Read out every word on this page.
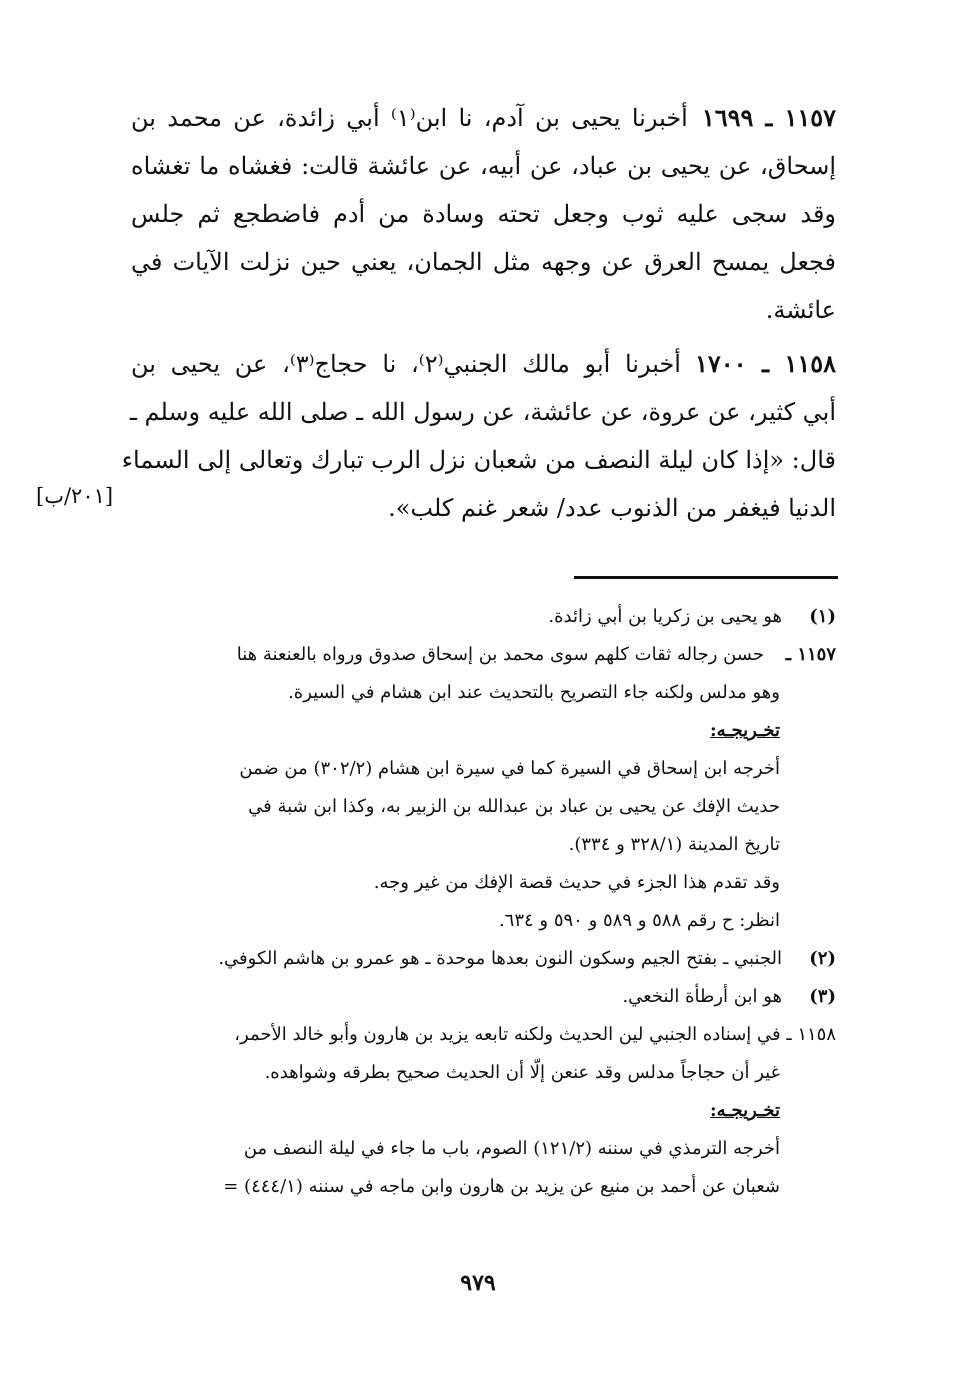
١١٥٧ ـ ١٦٩٩أخبرنا يحيى بن آدم، نا ابن⁽١⁾ أبي زائدة، عن محمد بن
إسحاق، عن يحيى بن عباد، عن أبيه، عن عائشة قالت: فغشاه ما تغشاه
وقد سجى عليه ثوب وجعل تحته وسادة من أدم فاضطجع ثم جلس
فجعل يمسح العرق عن وجهه مثل الجمان، يعني حين نزلت الآيات في
عائشة.
١١٥٨ ـ ١٧٠٠أخبرنا أبو مالك الجنبي⁽٢⁾، نا حجاج⁽٣⁾، عن يحيى بن
أبي كثير، عن عروة، عن عائشة، عن رسول الله ـ صلى الله عليه وسلم ـ
قال: «إذا كان ليلة النصف من شعبان نزل الرب تبارك وتعالى إلى السماء
الدنيا فيغفر من الذنوب عدد/ شعر غنم كلب».
[٢٠١/ب]
(١)
هو يحيى بن زكريا بن أبي زائدة.
١١٥٧ ـ
حسن رجاله ثقات كلهم سوى محمد بن إسحاق صدوق ورواه بالعنعنة هنا
وهو مدلس ولكنه جاء التصريح بالتحديث عند ابن هشام في السيرة.
تخـريجـه:
أخرجه ابن إسحاق في السيرة كما في سيرة ابن هشام (٣٠٢/٢) من ضمن
حديث الإفك عن يحيى بن عباد بن عبدالله بن الزبير به، وكذا ابن شبة في
تاريخ المدينة (٣٢٨/١ و ٣٣٤).
وقد تقدم هذا الجزء في حديث قصة الإفك من غير وجه.
انظر: ح رقم ٥٨٨ و ٥٨٩ و ٥٩٠ و ٦٣٤.
(٢)
الجنبي ـ بفتح الجيم وسكون النون بعدها موحدة ـ هو عمرو بن هاشم الكوفي.
(٣)
هو ابن أرطأة النخعي.
١١٥٨ ـ في إسناده الجنبي لين الحديث ولكنه تابعه يزيد بن هارون وأبو خالد الأحمر،
غير أن حجاجاً مدلس وقد عنعن إلّا أن الحديث صحيح بطرقه وشواهده.
تخـريجـه:
أخرجه الترمذي في سننه (١٢١/٢) الصوم، باب ما جاء في ليلة النصف من
شعبان عن أحمد بن منيع عن يزيد بن هارون وابن ماجه في سننه (٤٤٤/١) =
٩٧٩
